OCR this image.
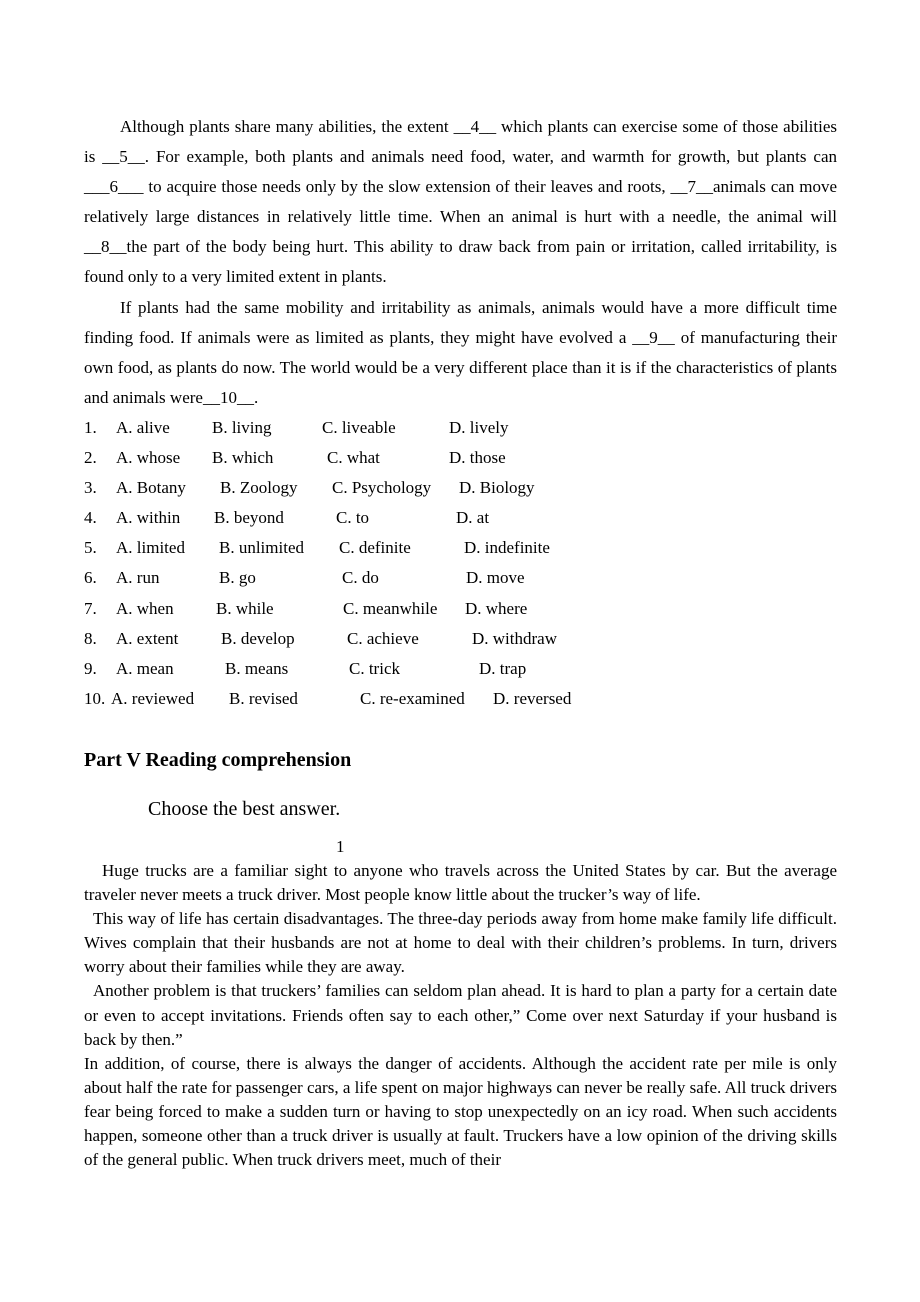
Although plants share many abilities, the extent __4__ which plants can exercise some of those abilities is __5__. For example, both plants and animals need food, water, and warmth for growth, but plants can ___6___ to acquire those needs only by the slow extension of their leaves and roots, __7__animals can move relatively large distances in relatively little time. When an animal is hurt with a needle, the animal will __8__the part of the body being hurt. This ability to draw back from pain or irritation, called irritability, is found only to a very limited extent in plants.

If plants had the same mobility and irritability as animals, animals would have a more difficult time finding food. If animals were as limited as plants, they might have evolved a __9__ of manufacturing their own food, as plants do now. The world would be a very different place than it is if the characteristics of plants and animals were__10__.

1. A. alive B. living	C. liveable	D. lively
2. A. whose B. which	C. what	D. those
3. A. Botany B. Zoology C. Psychology D. Biology
4. A. within B. beyond	C. to	D. at
5. A. limited B. unlimited C. definite	D. indefinite
6. A. run	B. go	C. do	D. move
7. A. when B. while	C. meanwhile D. where
8. A. extent	B. develop	C. achieve	D. withdraw
9. A. mean	B. means	C. trick	D. trap
10. A. reviewed B. revised	C. re-examined D. reversed
Part V Reading comprehension

Choose the best answer.

1

Huge trucks are a familiar sight to anyone who travels across the United States by car. But the average traveler never meets a truck driver. Most people know little about the trucker’s way of life.

This way of life has certain disadvantages. The three-day periods away from home make family life difficult. Wives complain that their husbands are not at home to deal with their children’s problems. In turn, drivers worry about their families while they are away.

Another problem is that truckers’ families can seldom plan ahead. It is hard to plan a party for a certain date or even to accept invitations. Friends often say to each other,” Come over next Saturday if your husband is back by then.”

In addition, of course, there is always the danger of accidents. Although the accident rate per mile is only about half the rate for passenger cars, a life spent on major highways can never be really safe. All truck drivers fear being forced to make a sudden turn or having to stop unexpectedly on an icy road. When such accidents happen, someone other than a truck driver is usually at fault. Truckers have a low opinion of the driving skills of the general public. When truck drivers meet, much of their
